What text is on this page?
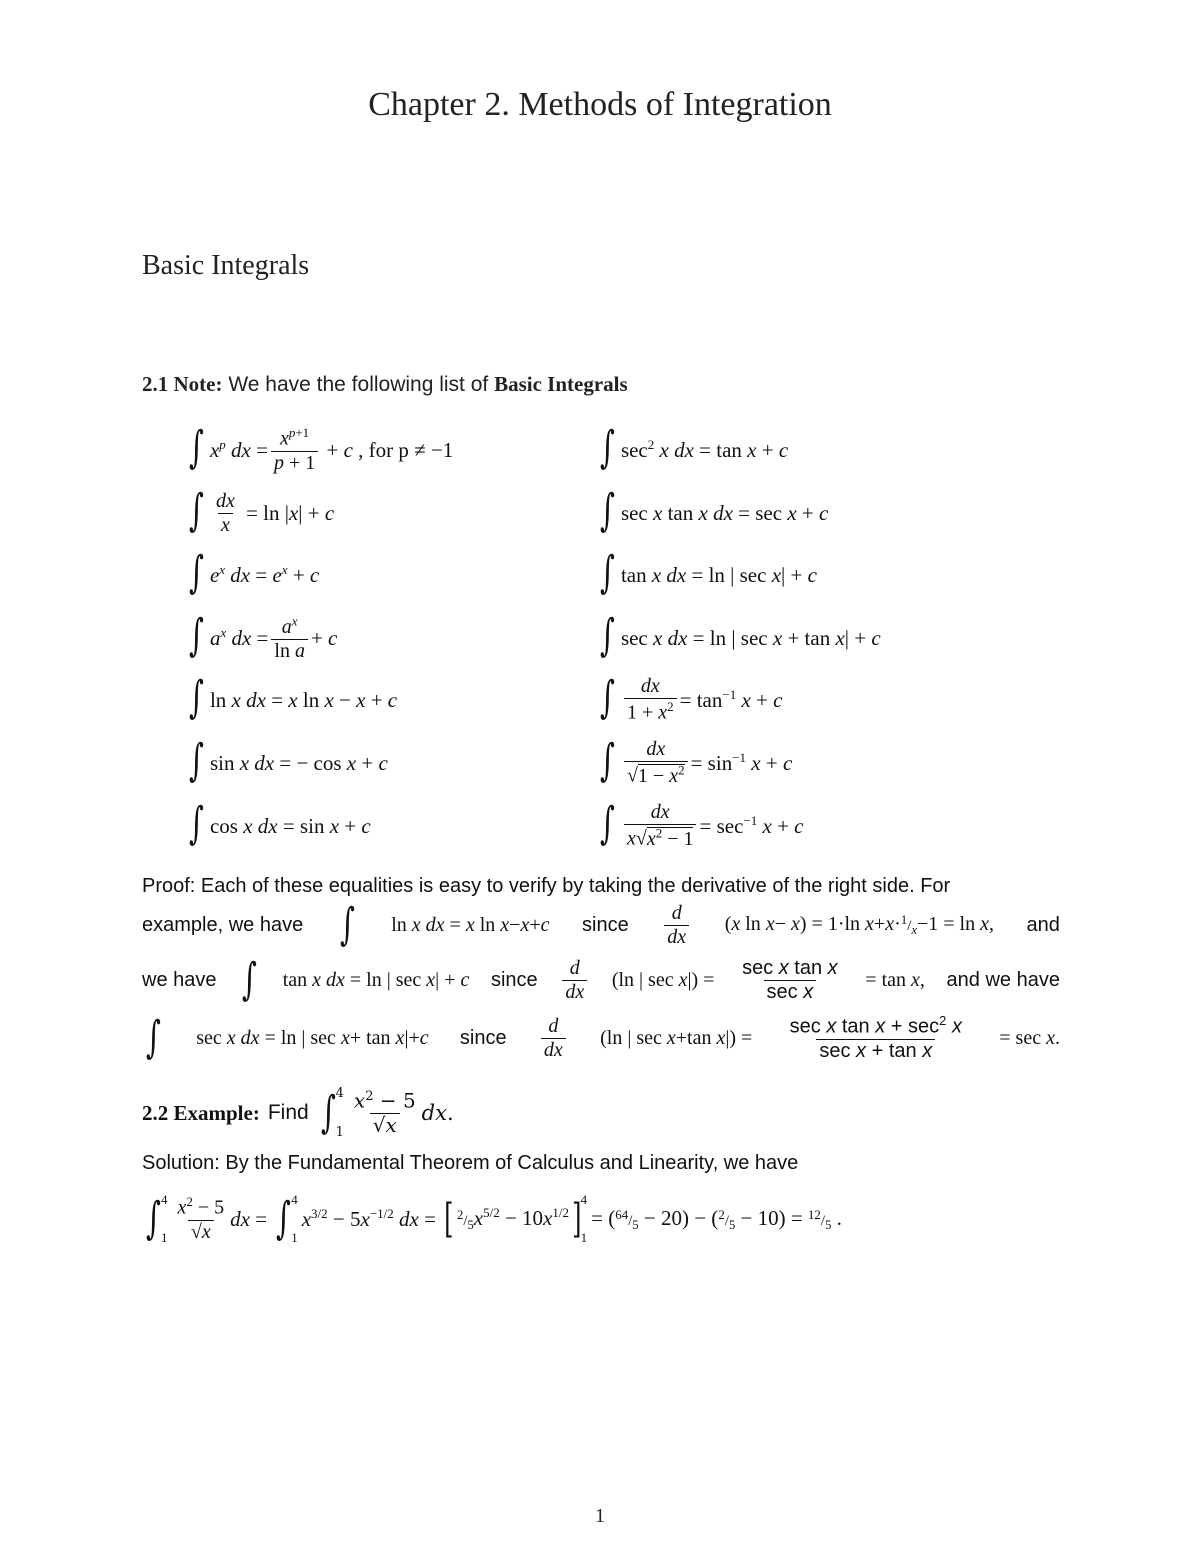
Chapter 2. Methods of Integration
Basic Integrals
2.1 Note: We have the following list of Basic Integrals
∫ $x^p$ dx = $\frac{x^{p+1}}{p + 1} + c$ , for p ≠ −1
∫ $\frac{dx}{x} = \ln |x| + c$
∫ $e^x$ dx = $e^x + c$
∫ $a^x$ dx = $\frac{a^x}{\text{ln a}} + c$
∫ ln x dx = x ln x − x + c
∫ sin x dx = − cos x + c
∫ cos x dx = sin x + c
∫ $\sec^2 x$ dx = tan x + c
∫ sec x tan x dx = sec x + c
∫ tan x dx = ln | sec x| + c
∫ sec x dx = ln | sec x + tan x| + c
∫ $\frac{dx}{1 + x^2} = \tan^{-1} x + c$
∫ $\frac{dx}{√1 - x^2} = \sin^{-1} x + c$
∫ $\frac{dx}{x√x^2 - 1} = \sec^{-1} x + c$
Proof: Each of these equalities is easy to verify by taking the derivative of the right side. For
example, we have ∫ ln x dx = x ln x−x+c since $\frac{d}{dx} (x$ ln x− x) = 1·ln $x+x\cdot^1/_x-1 = \ln x$, and
we have ∫ tan x dx = ln | sec x| + c since $\frac{d}{dx} (\ln$ | $\sec x|) = \frac{\text{sec x tan x}}{\text{sec x}} = \tan x$, and we have
∫ sec x dx = ln | sec x+ tan x|+c since $\frac{d}{dx} (\ln$ | sec x+tan $x|) = \frac{\sec x \tan x + \sec^2 x}{\text{sec x + tan x}} = \sec x$.
2.2 Example: Find ∫ 4
$1 \frac{x^2 - 5}{√x}$ dx.
Solution: By the Fundamental Theorem of Calculus and Linearity, we have
∫ 4
$1 \frac{x^2 - 5}{√x}$ dx = ∫ 4
1
$x^{3/2} - 5x^{-1/2}$ dx = [ $^2/_5x^{5/2} - 10x^{1/2}$ ] 4
1
= $(^{64}/_5 - 20) - (^2/_5 - 10) = ^{12}/_5$ .
1
